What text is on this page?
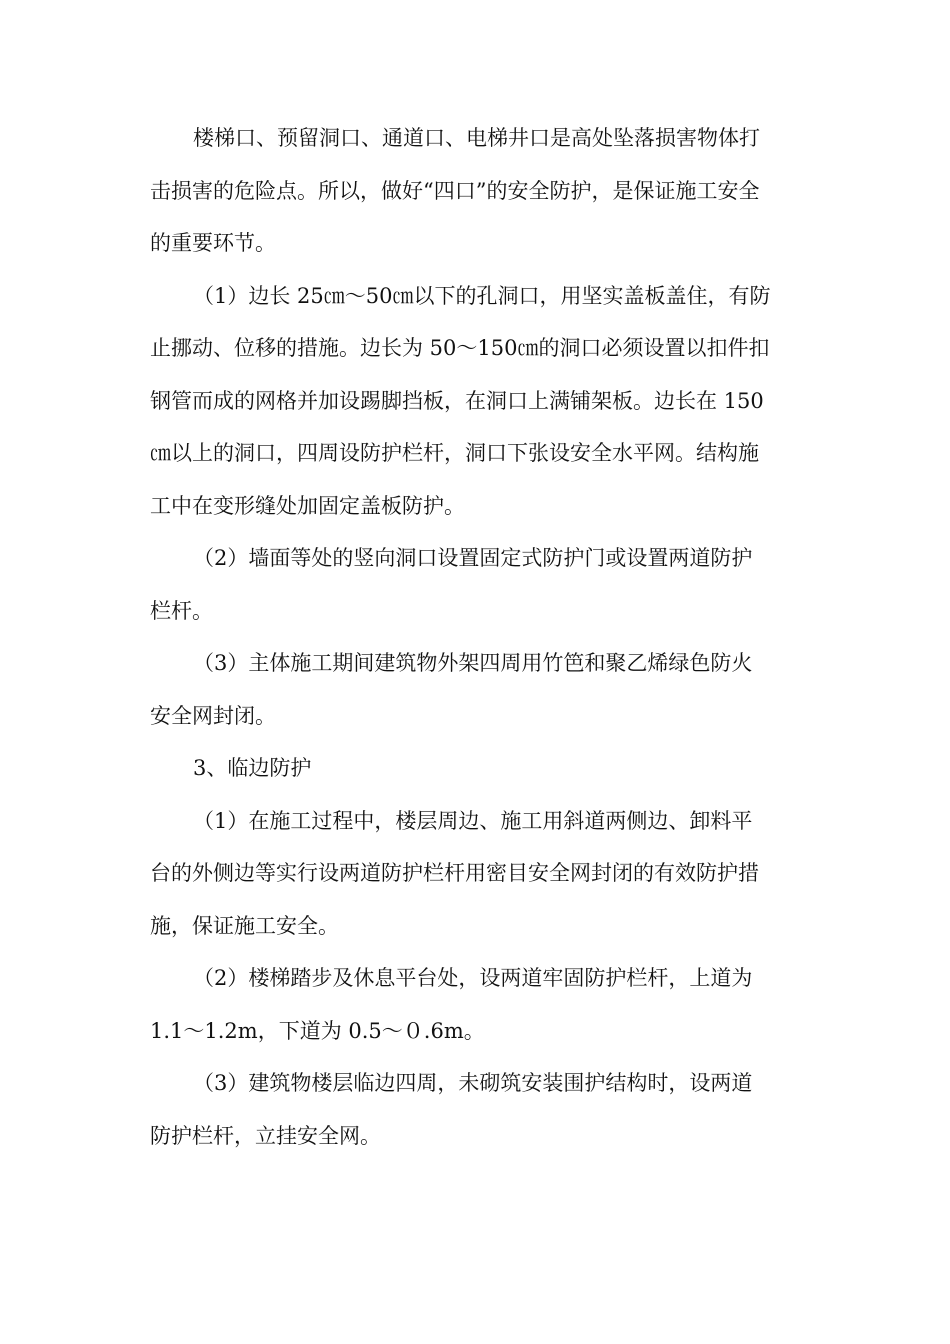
楼梯口、预留洞口、通道口、电梯井口是高处坠落损害物体打
击损害的危险点。所以，做好“四口”的安全防护，是保证施工安全
的重要环节。
（1）边长 25㎝～50㎝以下的孔洞口，用坚实盖板盖住，有防
止挪动、位移的措施。边长为 50～150㎝的洞口必须设置以扣件扣
钢管而成的网格并加设踢脚挡板，在洞口上满铺架板。边长在 150
㎝以上的洞口，四周设防护栏杆，洞口下张设安全水平网。结构施
工中在变形缝处加固定盖板防护。
（2）墙面等处的竖向洞口设置固定式防护门或设置两道防护
栏杆。
（3）主体施工期间建筑物外架四周用竹笆和聚乙烯绿色防火
安全网封闭。
3、临边防护
（1）在施工过程中，楼层周边、施工用斜道两侧边、卸料平
台的外侧边等实行设两道防护栏杆用密目安全网封闭的有效防护措
施，保证施工安全。
（2）楼梯踏步及休息平台处，设两道牢固防护栏杆，上道为
1.1～1.2m，下道为 0.5～０.6m。
（3）建筑物楼层临边四周，未砌筑安装围护结构时，设两道
防护栏杆，立挂安全网。
